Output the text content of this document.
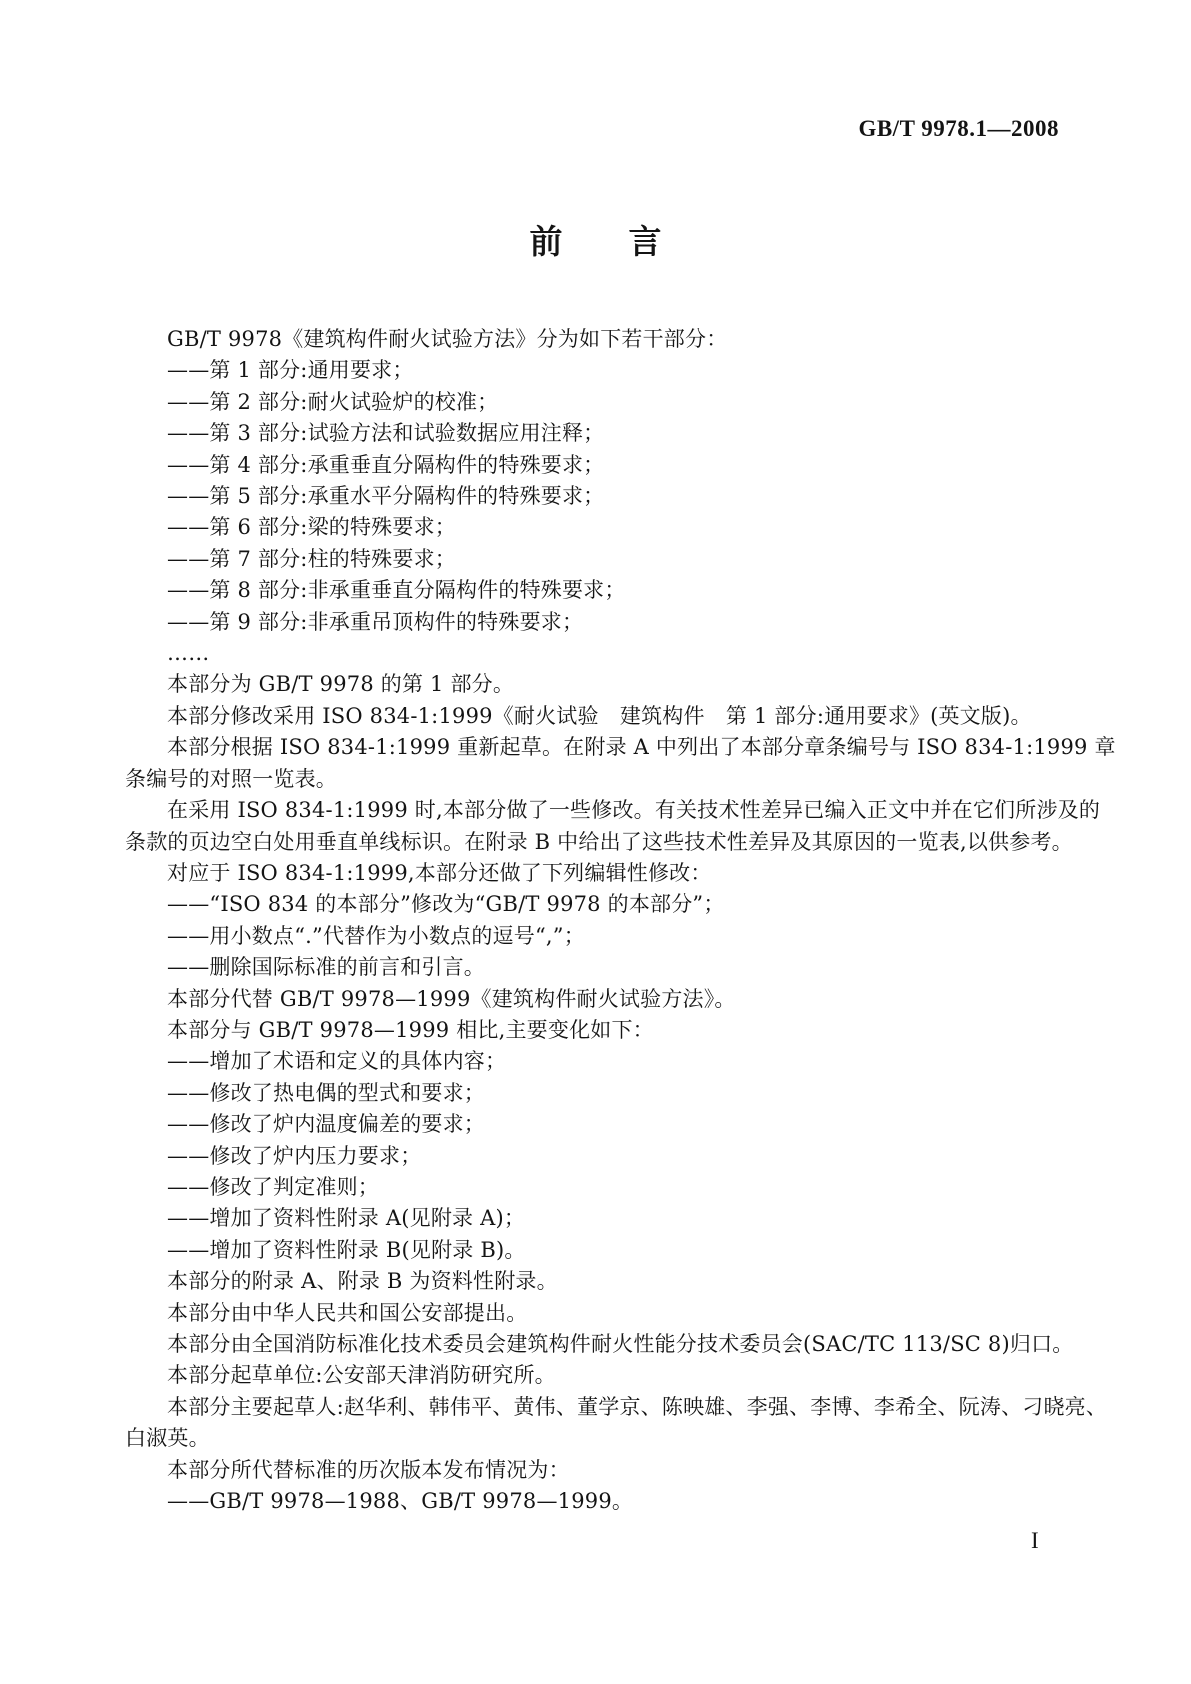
GB/T 9978.1—2008
前　　言
GB/T 9978《建筑构件耐火试验方法》分为如下若干部分：
——第 1 部分:通用要求；
——第 2 部分:耐火试验炉的校准；
——第 3 部分:试验方法和试验数据应用注释；
——第 4 部分:承重垂直分隔构件的特殊要求；
——第 5 部分:承重水平分隔构件的特殊要求；
——第 6 部分:梁的特殊要求；
——第 7 部分:柱的特殊要求；
——第 8 部分:非承重垂直分隔构件的特殊要求；
——第 9 部分:非承重吊顶构件的特殊要求；
……
本部分为 GB/T 9978 的第 1 部分。
本部分修改采用 ISO 834-1:1999《耐火试验　建筑构件　第 1 部分:通用要求》(英文版)。
本部分根据 ISO 834-1:1999 重新起草。在附录 A 中列出了本部分章条编号与 ISO 834-1:1999 章
条编号的对照一览表。
在采用 ISO 834-1:1999 时,本部分做了一些修改。有关技术性差异已编入正文中并在它们所涉及的
条款的页边空白处用垂直单线标识。在附录 B 中给出了这些技术性差异及其原因的一览表,以供参考。
对应于 ISO 834-1:1999,本部分还做了下列编辑性修改：
——“ISO 834 的本部分”修改为“GB/T 9978 的本部分”；
——用小数点“.”代替作为小数点的逗号“,”；
——删除国际标准的前言和引言。
本部分代替 GB/T 9978—1999《建筑构件耐火试验方法》。
本部分与 GB/T 9978—1999 相比,主要变化如下：
——增加了术语和定义的具体内容；
——修改了热电偶的型式和要求；
——修改了炉内温度偏差的要求；
——修改了炉内压力要求；
——修改了判定准则；
——增加了资料性附录 A(见附录 A)；
——增加了资料性附录 B(见附录 B)。
本部分的附录 A、附录 B 为资料性附录。
本部分由中华人民共和国公安部提出。
本部分由全国消防标准化技术委员会建筑构件耐火性能分技术委员会(SAC/TC 113/SC 8)归口。
本部分起草单位:公安部天津消防研究所。
本部分主要起草人:赵华利、韩伟平、黄伟、董学京、陈映雄、李强、李博、李希全、阮涛、刁晓亮、
白淑英。
本部分所代替标准的历次版本发布情况为：
——GB/T 9978—1988、GB/T 9978—1999。
I
